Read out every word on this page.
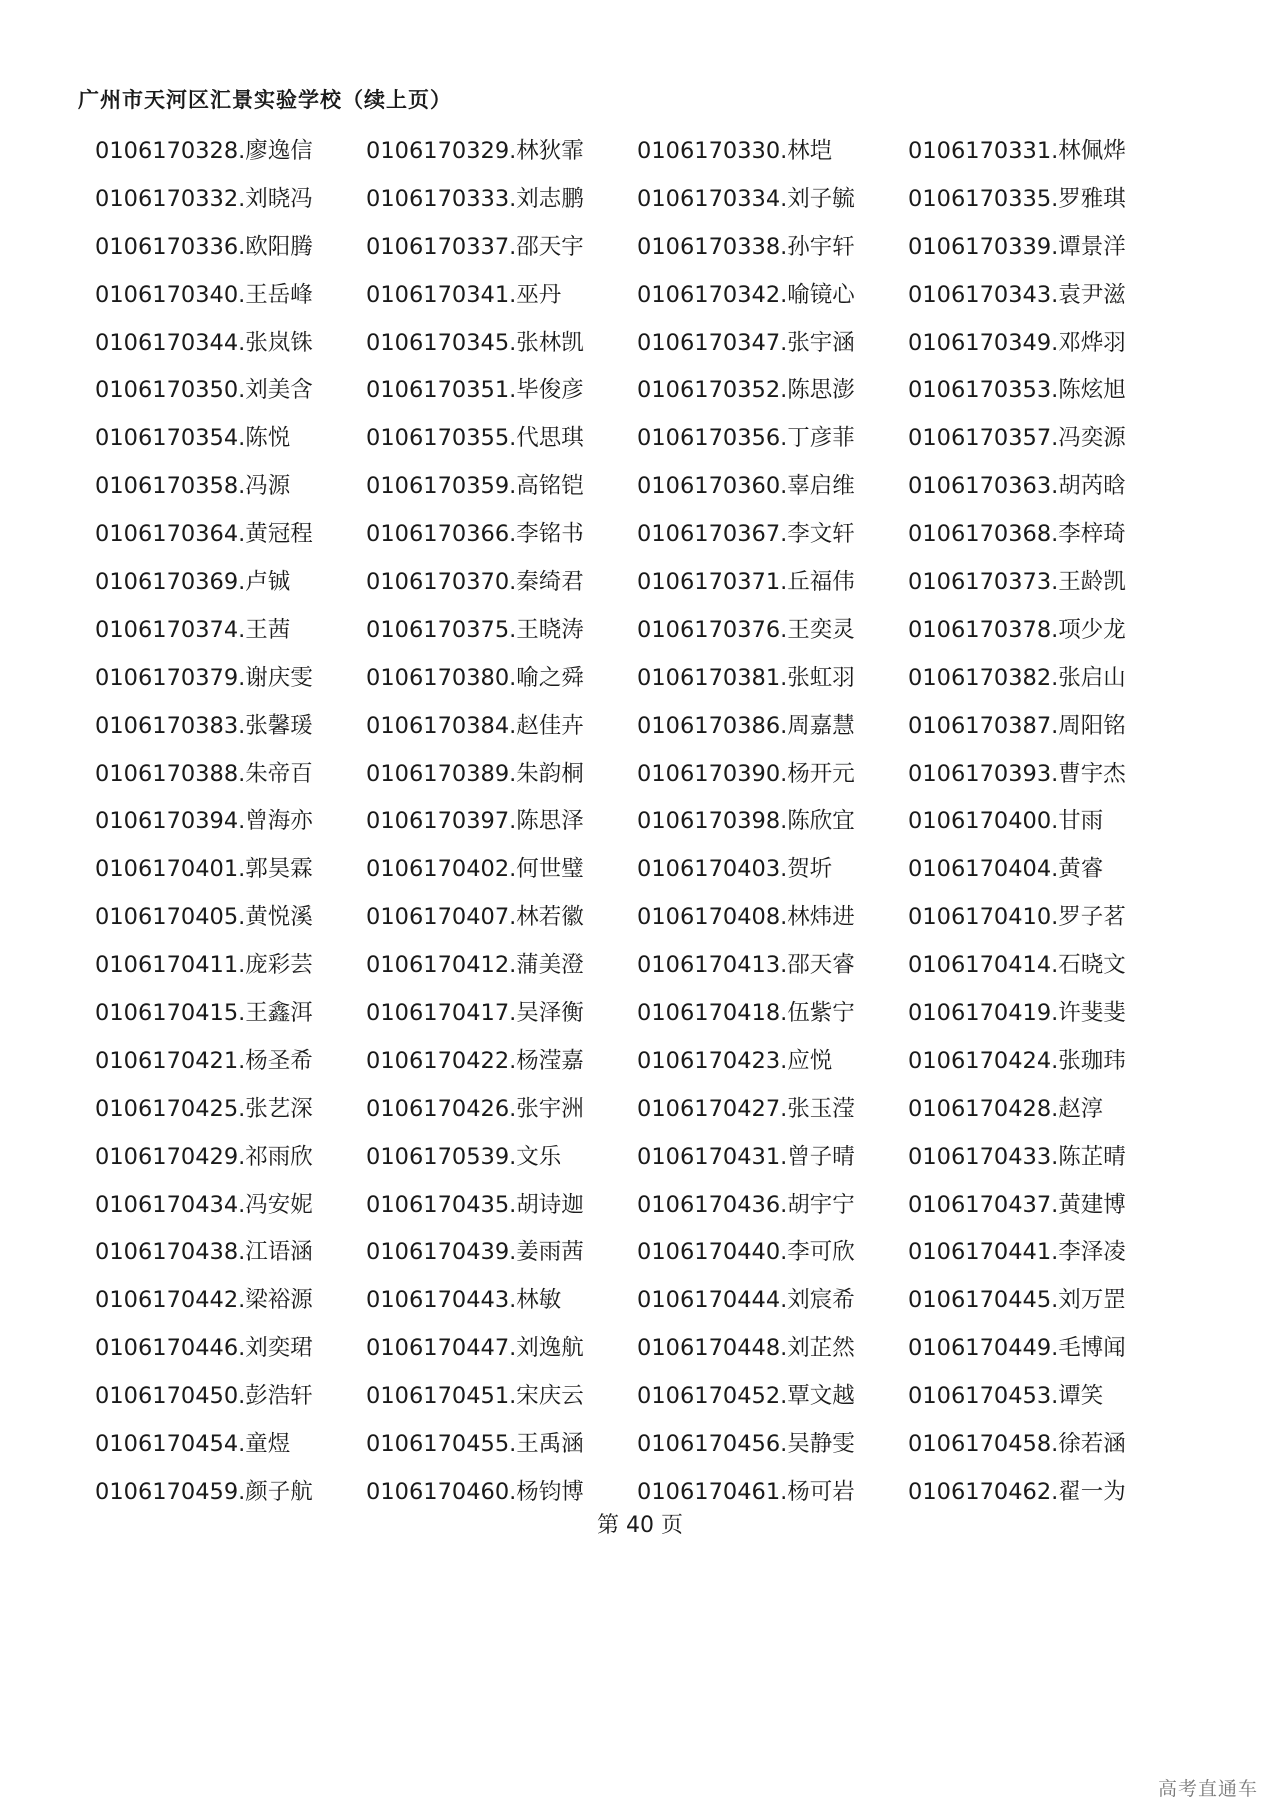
广州市天河区汇景实验学校（续上页）
0106170328.廖逸信	0106170329.林狄霏	0106170330.林垲	0106170331.林佩烨
0106170332.刘晓冯	0106170333.刘志鹏	0106170334.刘子毓	0106170335.罗雅琪
0106170336.欧阳腾	0106170337.邵天宇	0106170338.孙宇轩	0106170339.谭景洋
0106170340.王岳峰	0106170341.巫丹	0106170342.喻镜心	0106170343.袁尹滋
0106170344.张岚铢	0106170345.张林凯	0106170347.张宇涵	0106170349.邓烨羽
0106170350.刘美含	0106170351.毕俊彦	0106170352.陈思澎	0106170353.陈炫旭
0106170354.陈悦	0106170355.代思琪	0106170356.丁彦菲	0106170357.冯奕源
0106170358.冯源	0106170359.高铭铠	0106170360.辜启维	0106170363.胡芮晗
0106170364.黄冠程	0106170366.李铭书	0106170367.李文轩	0106170368.李梓琦
0106170369.卢铖	0106170370.秦绮君	0106170371.丘福伟	0106170373.王龄凯
0106170374.王茜	0106170375.王晓涛	0106170376.王奕灵	0106170378.项少龙
0106170379.谢庆雯	0106170380.喻之舜	0106170381.张虹羽	0106170382.张启山
0106170383.张馨瑗	0106170384.赵佳卉	0106170386.周嘉慧	0106170387.周阳铭
0106170388.朱帝百	0106170389.朱韵桐	0106170390.杨开元	0106170393.曹宇杰
0106170394.曾海亦	0106170397.陈思泽	0106170398.陈欣宜	0106170400.甘雨
0106170401.郭昊霖	0106170402.何世璧	0106170403.贺圻	0106170404.黄睿
0106170405.黄悦溪	0106170407.林若徽	0106170408.林炜进	0106170410.罗子茗
0106170411.庞彩芸	0106170412.蒲美澄	0106170413.邵天睿	0106170414.石晓文
0106170415.王鑫洱	0106170417.吴泽衡	0106170418.伍紫宁	0106170419.许斐斐
0106170421.杨圣希	0106170422.杨滢嘉	0106170423.应悦	0106170424.张珈玮
0106170425.张艺深	0106170426.张宇洲	0106170427.张玉滢	0106170428.赵淳
0106170429.祁雨欣	0106170539.文乐	0106170431.曾子晴	0106170433.陈芷晴
0106170434.冯安妮	0106170435.胡诗迦	0106170436.胡宇宁	0106170437.黄建博
0106170438.江语涵	0106170439.姜雨茜	0106170440.李可欣	0106170441.李泽凌
0106170442.梁裕源	0106170443.林敏	0106170444.刘宸希	0106170445.刘万罡
0106170446.刘奕珺	0106170447.刘逸航	0106170448.刘芷然	0106170449.毛博闻
0106170450.彭浩轩	0106170451.宋庆云	0106170452.覃文越	0106170453.谭笑
0106170454.童煜	0106170455.王禹涵	0106170456.吴静雯	0106170458.徐若涵
0106170459.颜子航	0106170460.杨钧博	0106170461.杨可岩	0106170462.翟一为
第 40 页
高考直通车
